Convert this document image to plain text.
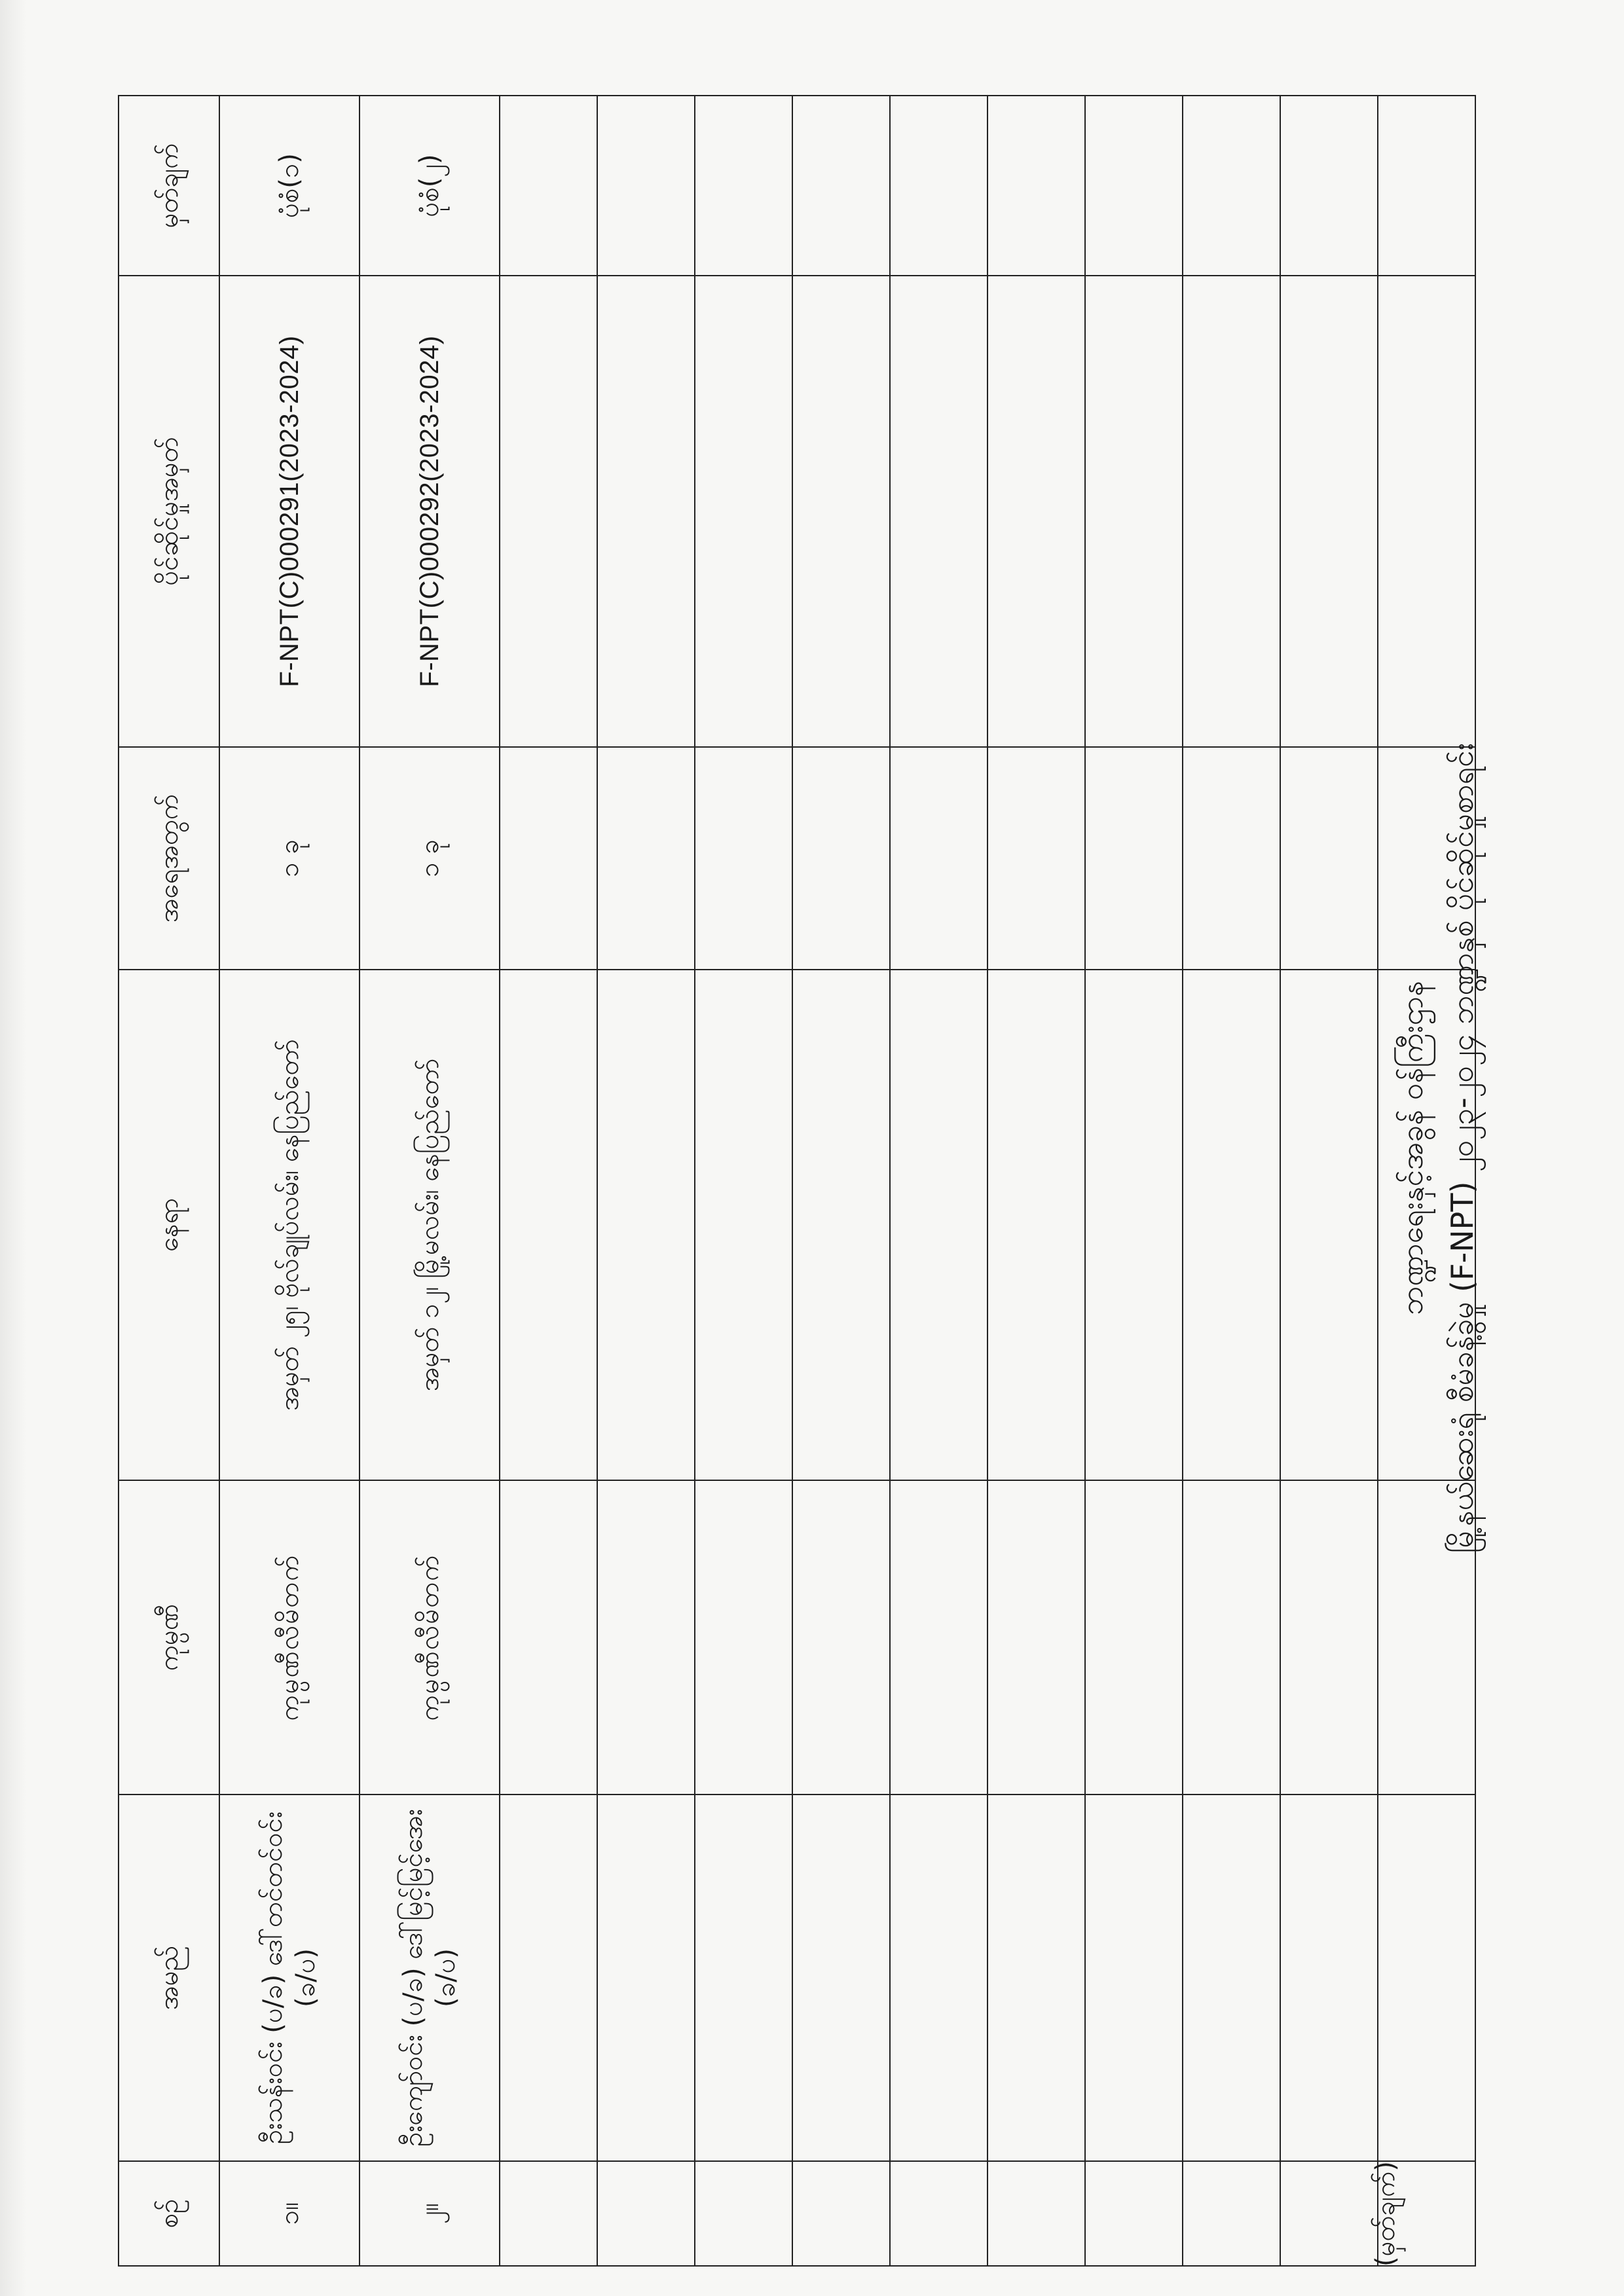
စဉ်	အမည်	ကုမ္ပဏီ	နေရာ	အရေအတွက်	ပိုင်ဆိုင်မှုအမှတ်	မှတ်ချက်
၁။	ဦးသန်းဝင်း (ပ/ခ) ဒေါ်တင်တင်ဝင်း (ခ/ပ)	ကုမ္ပဏီလီမိတက်	အမှတ် ၂၅၊ ဗိုလ်ချုပ်လမ်း၊ နေပြည်တော်	၁ ခု	F-NPT(C)000291(2023-2024)	ပုံစံ(၁)
၂။	ဦးကျော်ဝင်း (ပ/ခ) ဒေါ်မြင့်မြင့်အေး (ခ/ပ)	ကုမ္ပဏီလီမိတက်	အမှတ် ၁၂၊ မြို့မလမ်း၊ နေပြည်တော်	၁ ခု	F-NPT(C)000292(2023-2024)	ပုံစံ(၂)

(မှတ်ချက်)
ဘဏ္ဍာရေးနှင့်အခွန် ဝန်ကြီးဌာန မြို့နယ်ဆေးရုံ စီမံခန့်ခွဲမှု (F-NPT) ၂၀၂၃-၂၀၂၄ ဘဏ္ဍာနှစ် ပိုင်ဆိုင်မှုစာရင်း
